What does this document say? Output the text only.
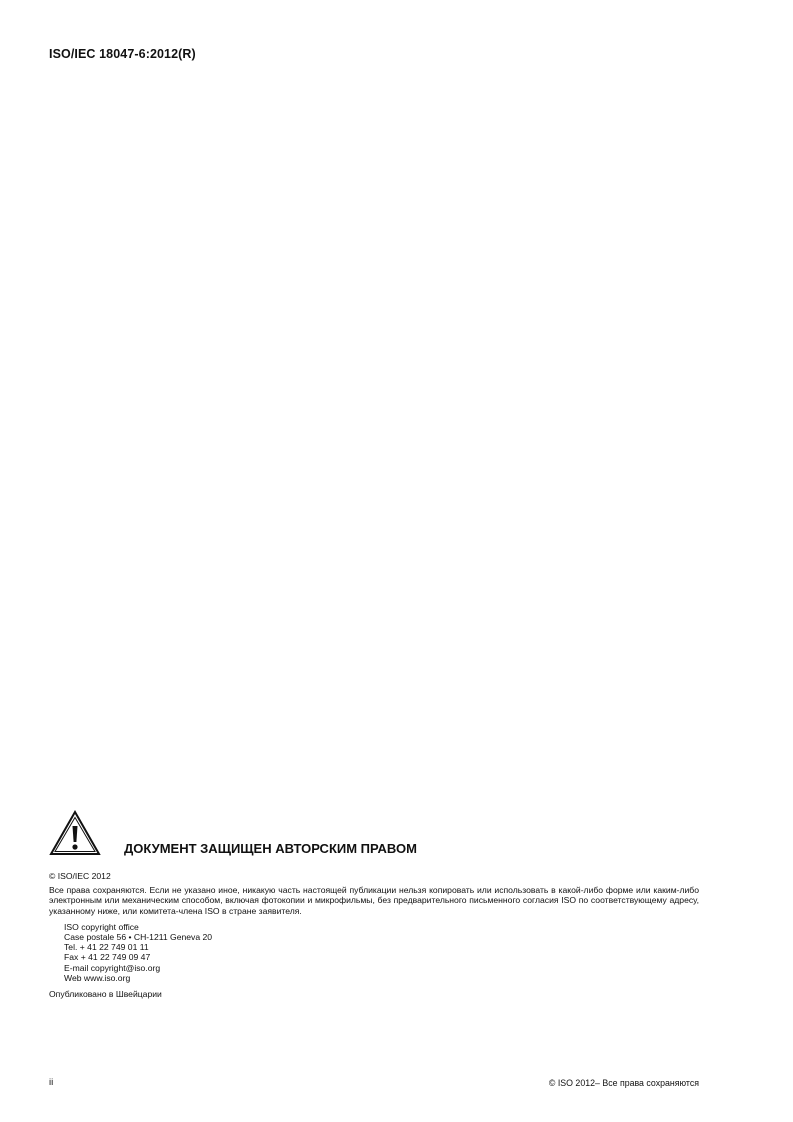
ISO/IEC 18047-6:2012(R)
ДОКУМЕНТ ЗАЩИЩЕН АВТОРСКИМ ПРАВОМ
© ISO/IEC 2012

Все права сохраняются. Если не указано иное, никакую часть настоящей публикации нельзя копировать или использовать в какой-либо форме или каким-либо электронным или механическим способом, включая фотокопии и микрофильмы, без предварительного письменного согласия ISO по соответствующему адресу, указанному ниже, или комитета-члена ISO в стране заявителя.

ISO copyright office
Case postale 56 • CH-1211 Geneva 20
Tel. + 41 22 749 01 11
Fax + 41 22 749 09 47
E-mail copyright@iso.org
Web www.iso.org
Опубликовано в Швейцарии
ii	© ISO 2012– Все права сохраняются
